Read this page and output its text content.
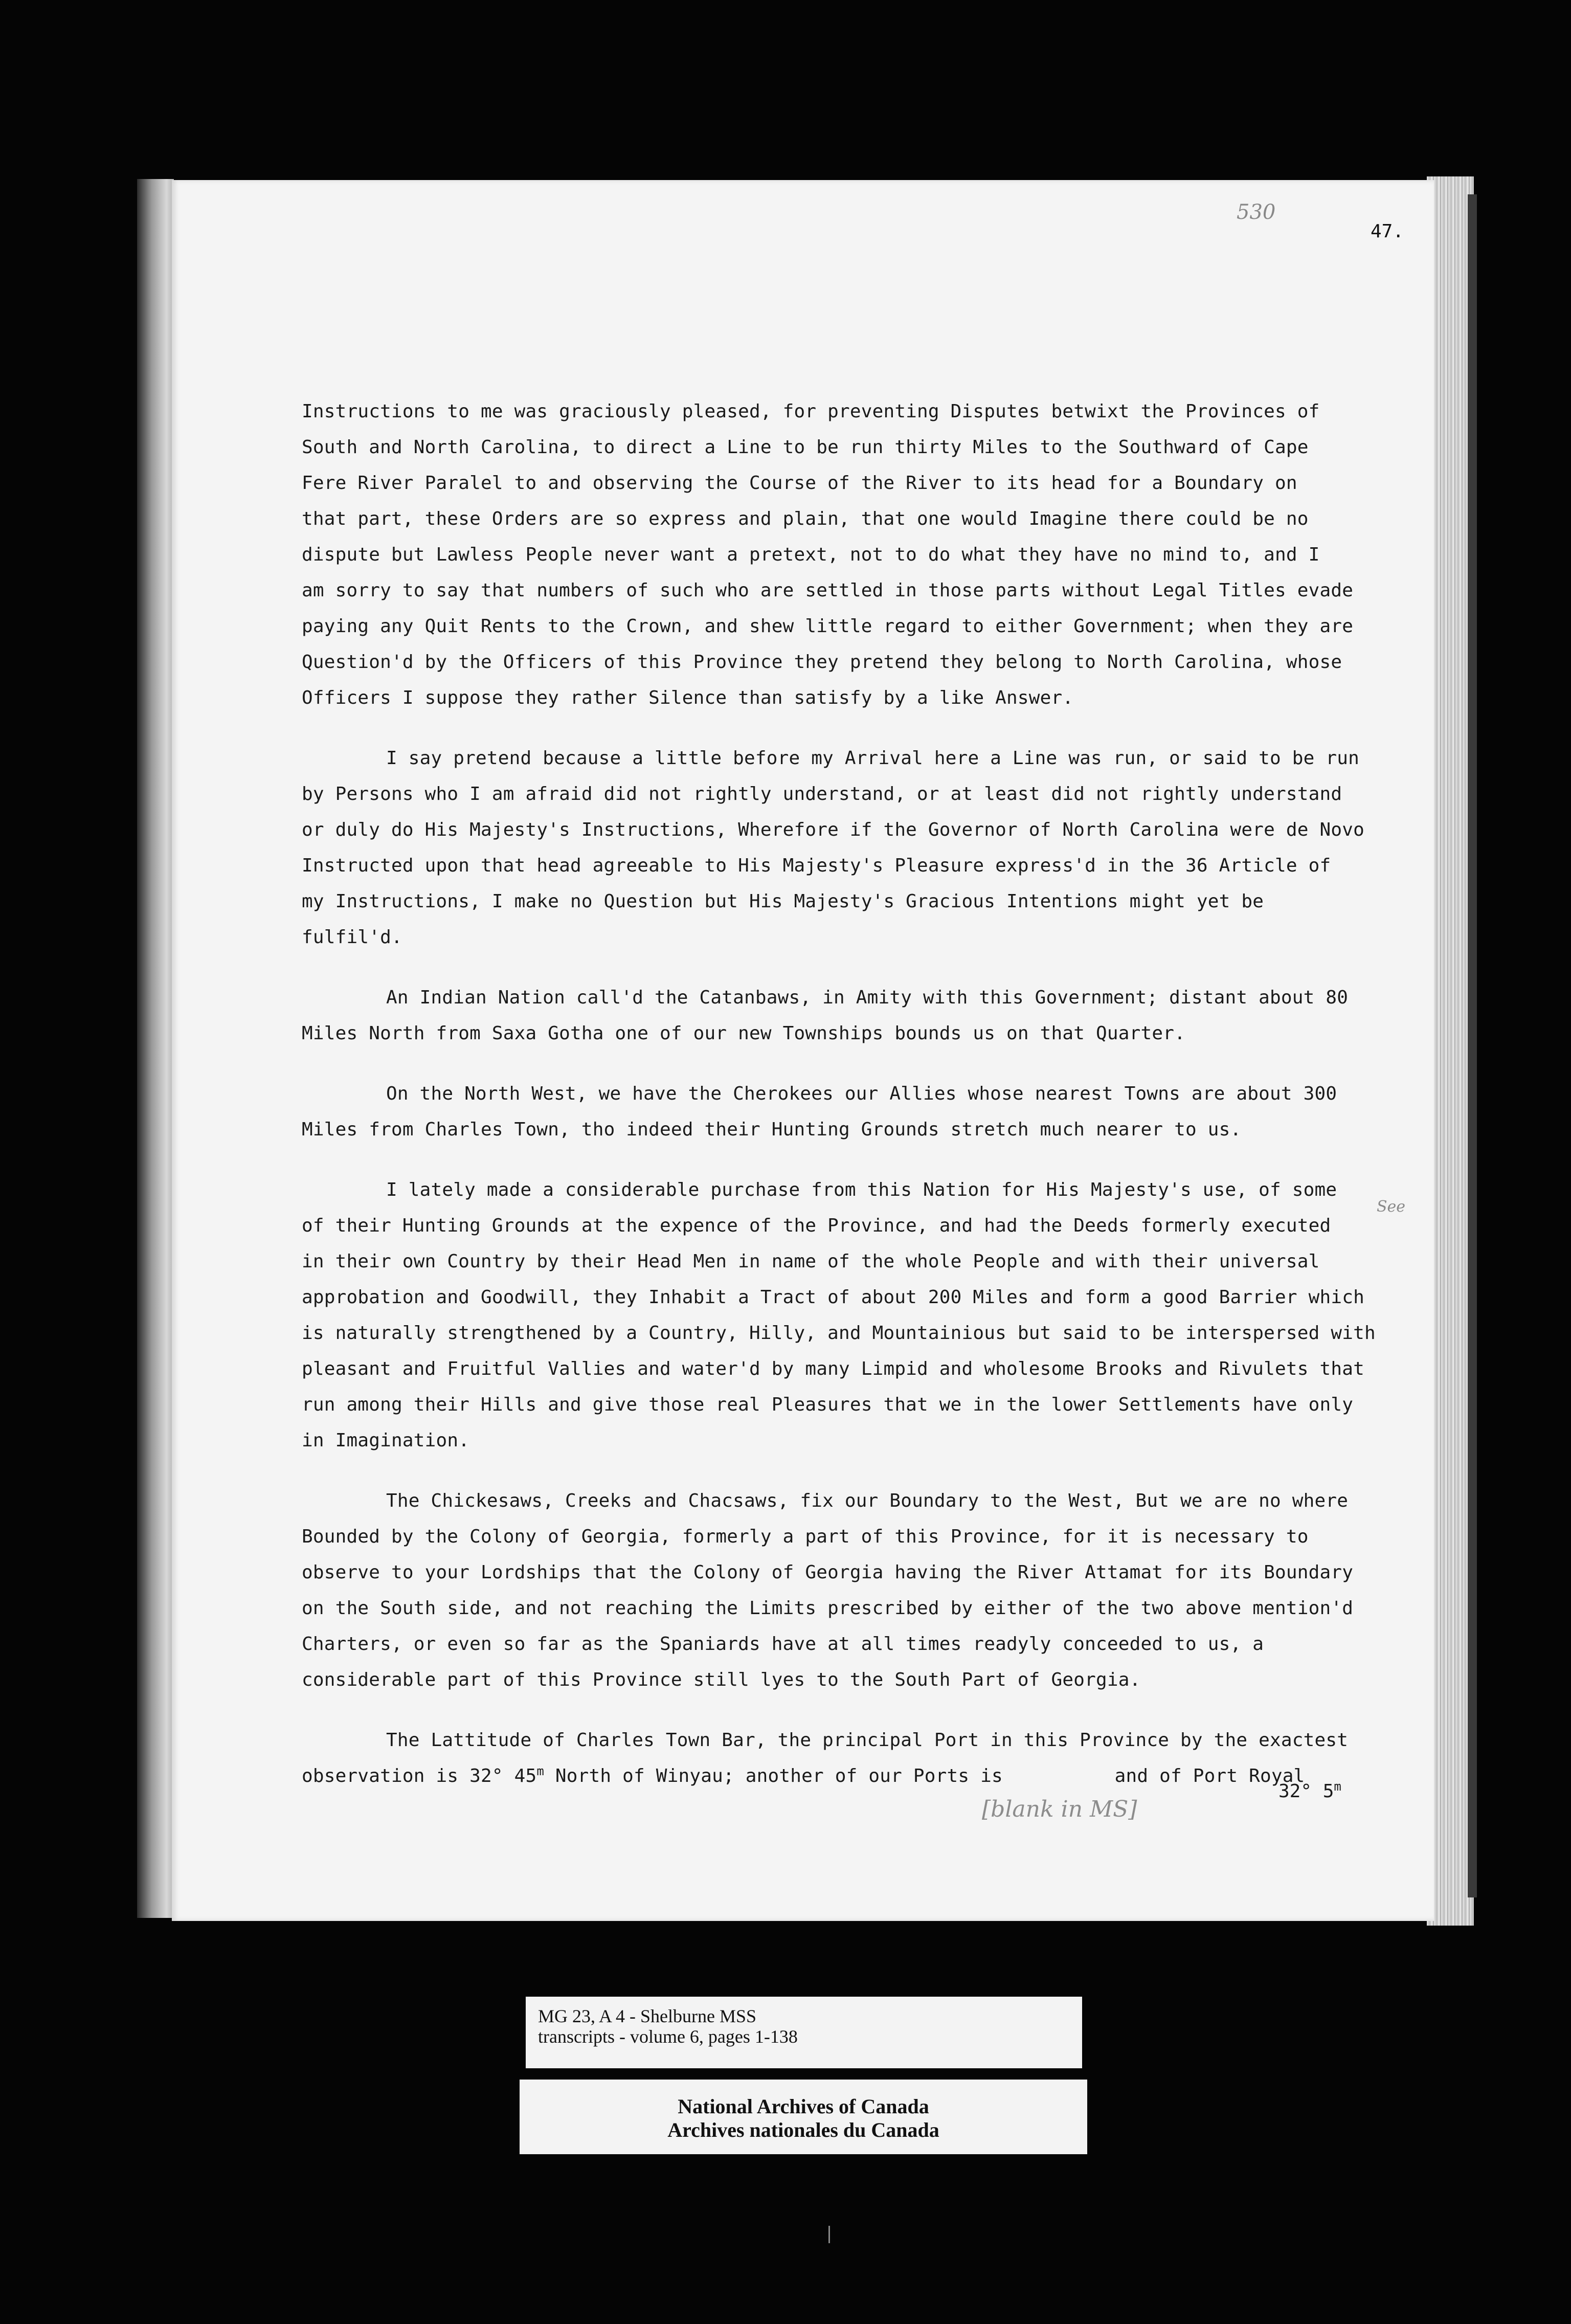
530
47.
See
Instructions to me was graciously pleased, for preventing Disputes betwixt the Provinces of
South and North Carolina, to direct a Line to be run thirty Miles to the Southward of Cape
Fere River Paralel to and observing the Course of the River to its head for a Boundary on
that part, these Orders are so express and plain, that one would Imagine there could be no
dispute but Lawless People never want a pretext, not to do what they have no mind to, and I
am sorry to say that numbers of such who are settled in those parts without Legal Titles evade
paying any Quit Rents to the Crown, and shew little regard to either Government; when they are
Question'd by the Officers of this Province they pretend they belong to North Carolina, whose
Officers I suppose they rather Silence than satisfy by a like Answer.
I say pretend because a little before my Arrival here a Line was run, or said to be run
by Persons who I am afraid did not rightly understand, or at least did not rightly understand
or duly do His Majesty's Instructions, Wherefore if the Governor of North Carolina were de Novo
Instructed upon that head agreeable to His Majesty's Pleasure express'd in the 36 Article of
my Instructions, I make no Question but His Majesty's Gracious Intentions might yet be
fulfil'd.
An Indian Nation call'd the Catanbaws, in Amity with this Government; distant about 80
Miles North from Saxa Gotha one of our new Townships bounds us on that Quarter.
On the North West, we have the Cherokees our Allies whose nearest Towns are about 300
Miles from Charles Town, tho indeed their Hunting Grounds stretch much nearer to us.
I lately made a considerable purchase from this Nation for His Majesty's use, of some
of their Hunting Grounds at the expence of the Province, and had the Deeds formerly executed
in their own Country by their Head Men in name of the whole People and with their universal
approbation and Goodwill, they Inhabit a Tract of about 200 Miles and form a good Barrier which
is naturally strengthened by a Country, Hilly, and Mountainious but said to be interspersed with
pleasant and Fruitful Vallies and water'd by many Limpid and wholesome Brooks and Rivulets that
run among their Hills and give those real Pleasures that we in the lower Settlements have only
in Imagination.
The Chickesaws, Creeks and Chacsaws, fix our Boundary to the West, But we are no where
Bounded by the Colony of Georgia, formerly a part of this Province, for it is necessary to
observe to your Lordships that the Colony of Georgia having the River Attamat for its Boundary
on the South side, and not reaching the Limits prescribed by either of the two above mention'd
Charters, or even so far as the Spaniards have at all times readyly conceeded to us, a
considerable part of this Province still lyes to the South Part of Georgia.
The Lattitude of Charles Town Bar, the principal Port in this Province by the exactest
observation is 32° 45$^m$ North of Winyau; another of our Ports is          and of Port Royal
32° 5$^m$
[blank in MS]
MG 23, A 4 - Shelburne MSS
transcripts - volume 6, pages 1-138
National Archives of Canada
Archives nationales du Canada
